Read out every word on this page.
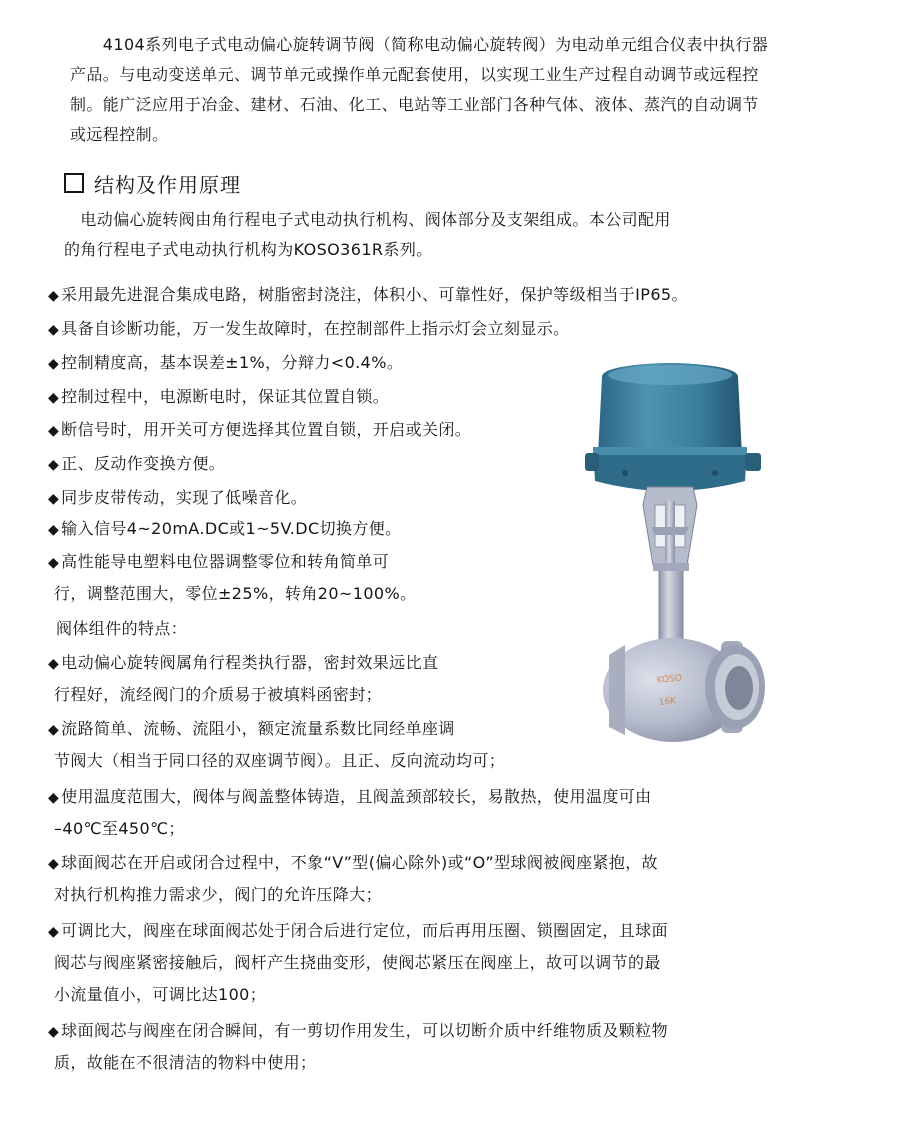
　　4104系列电子式电动偏心旋转调节阀（简称电动偏心旋转阀）为电动单元组合仪表中执行器
产品。与电动变送单元、调节单元或操作单元配套使用，以实现工业生产过程自动调节或远程控
制。能广泛应用于冶金、建材、石油、化工、电站等工业部门各种气体、液体、蒸汽的自动调节
或远程控制。
结构及作用原理
　电动偏心旋转阀由角行程电子式电动执行机构、阀体部分及支架组成。本公司配用
的角行程电子式电动执行机构为KOSO361R系列。
◆ 采用最先进混合集成电路，树脂密封浇注，体积小、可靠性好，保护等级相当于IP65。
◆ 具备自诊断功能，万一发生故障时，在控制部件上指示灯会立刻显示。
◆ 控制精度高，基本误差±1%，分辩力<0.4%。
◆ 控制过程中，电源断电时，保证其位置自锁。
◆ 断信号时，用开关可方便选择其位置自锁，开启或关闭。
◆ 正、反动作变换方便。
◆ 同步皮带传动，实现了低噪音化。
◆ 输入信号4~20mA.DC或1~5V.DC切换方便。
◆ 高性能导电塑料电位器调整零位和转角简单可
行，调整范围大，零位±25%，转角20~100%。
阀体组件的特点：
◆ 电动偏心旋转阀属角行程类执行器，密封效果远比直
行程好，流经阀门的介质易于被填料函密封；
◆ 流路简单、流畅、流阻小，额定流量系数比同经单座调
节阀大（相当于同口径的双座调节阀）。且正、反向流动均可；
◆ 使用温度范围大，阀体与阀盖整体铸造，且阀盖颈部较长，易散热，使用温度可由
–40℃至450℃；
◆ 球面阀芯在开启或闭合过程中，不象“V”型(偏心除外)或“O”型球阀被阀座紧抱，故
对执行机构推力需求少，阀门的允许压降大；
◆ 可调比大，阀座在球面阀芯处于闭合后进行定位，而后再用压圈、锁圈固定，且球面
阀芯与阀座紧密接触后，阀杆产生挠曲变形，使阀芯紧压在阀座上，故可以调节的最
小流量值小，可调比达100；
◆ 球面阀芯与阀座在闭合瞬间，有一剪切作用发生，可以切断介质中纤维物质及颗粒物
质，故能在不很清洁的物料中使用；
KOSO
16K
